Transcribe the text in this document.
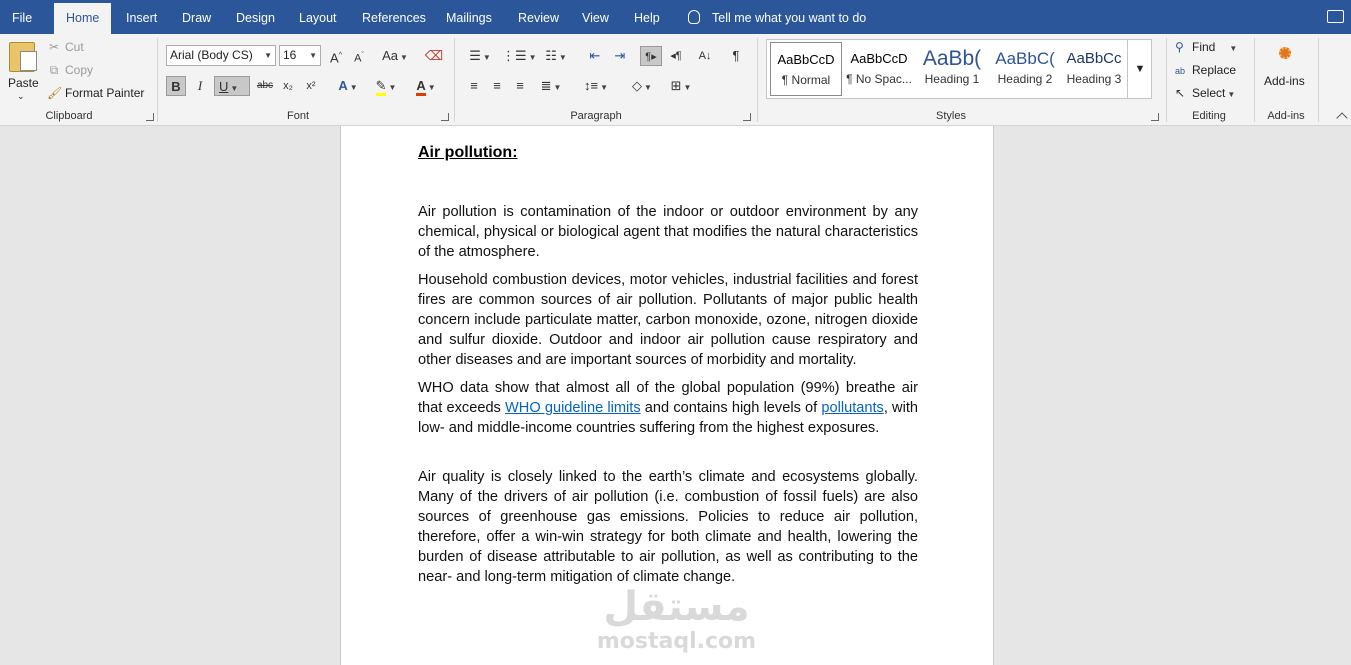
File	Home	Insert	Draw	Design	Layout	References	Mailings	Review	View	Help	Tell me what you want to do
Paste
⌄
✂ Cut
⧉ Copy
🖌 Format Painter
Clipboard
Arial (Body CS) ▼ 16 ▼ A^	$A^ˇ$	Aa ▼	⌫
B	I	U ▼	abc x₂	x²	A ▼	✎ ▼	A ▼
Font
☰ ▼ ⋮☰ ▼ ☷ ▼	⇤	⇥	¶▸	◂¶	A↓	¶
≡	≡	≡	≣ ▼	↕≡ ▼	◇ ▼	⊞ ▼
Paragraph
AaBbCcD
¶ Normal
AaBbCcD
¶ No Spac...
AaBb(
Heading 1
AaBbC(
Heading 2
AaBbCc
Heading 3
▼
Styles
⚲ Find ▼
ab Replace
↖ Select ▼
Editing
Add-ins
Add-ins
Air pollution:
Air pollution is contamination of the indoor or outdoor environment by any chemical, physical or biological agent that modifies the natural characteristics of the atmosphere.
Household combustion devices, motor vehicles, industrial facilities and forest fires are common sources of air pollution. Pollutants of major public health concern include particulate matter, carbon monoxide, ozone, nitrogen dioxide and sulfur dioxide. Outdoor and indoor air pollution cause respiratory and other diseases and are important sources of morbidity and mortality.
WHO data show that almost all of the global population (99%) breathe air that exceeds WHO guideline limits and contains high levels of pollutants, with low- and middle-income countries suffering from the highest exposures.
Air quality is closely linked to the earth’s climate and ecosystems globally. Many of the drivers of air pollution (i.e. combustion of fossil fuels) are also sources of greenhouse gas emissions. Policies to reduce air pollution, therefore, offer a win-win strategy for both climate and health, lowering the burden of disease attributable to air pollution, as well as contributing to the near- and long-term mitigation of climate change.
مستقل
mostaql.com
